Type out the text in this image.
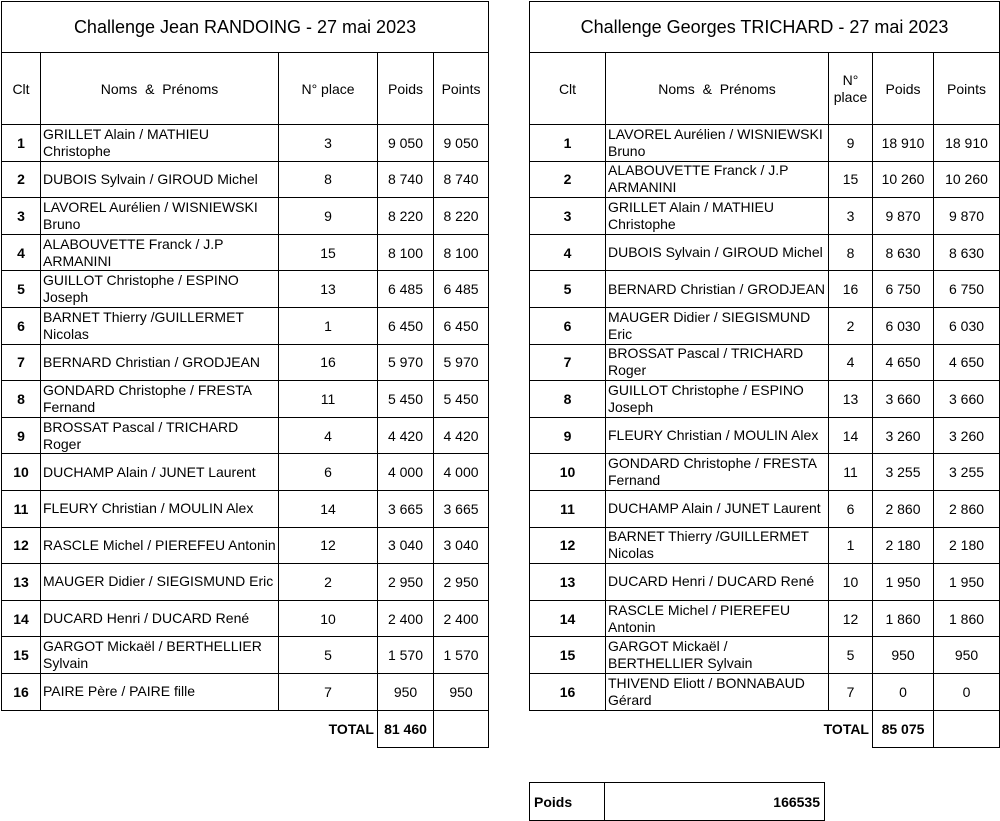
Challenge Jean RANDOING - 27 mai 2023				
Clt	Noms  &  Prénoms	N° place	Poids	Points
1	GRILLET Alain / MATHIEU Christophe	3	9 050	9 050
2	DUBOIS Sylvain / GIROUD Michel	8	8 740	8 740
3	LAVOREL Aurélien / WISNIEWSKI Bruno	9	8 220	8 220
4	ALABOUVETTE Franck / J.P ARMANINI	15	8 100	8 100
5	GUILLOT Christophe / ESPINO Joseph	13	6 485	6 485
6	BARNET Thierry /GUILLERMET Nicolas	1	6 450	6 450
7	BERNARD Christian / GRODJEAN	16	5 970	5 970
8	GONDARD Christophe / FRESTA Fernand	11	5 450	5 450
9	BROSSAT Pascal / TRICHARD Roger	4	4 420	4 420
10	DUCHAMP Alain / JUNET Laurent	6	4 000	4 000
11	FLEURY Christian / MOULIN Alex	14	3 665	3 665
12	RASCLE Michel / PIEREFEU Antonin	12	3 040	3 040
13	MAUGER Didier / SIEGISMUND Eric	2	2 950	2 950
14	DUCARD Henri / DUCARD René	10	2 400	2 400
15	GARGOT Mickaël / BERTHELLIER Sylvain	5	1 570	1 570
16	PAIRE Père / PAIRE fille	7	950	950
		TOTAL	81 460	
Challenge Georges TRICHARD - 27 mai 2023				
Clt	Noms  &  Prénoms	N° place	Poids	Points
1	LAVOREL Aurélien / WISNIEWSKI Bruno	9	18 910	18 910
2	ALABOUVETTE Franck / J.P ARMANINI	15	10 260	10 260
3	GRILLET Alain / MATHIEU Christophe	3	9 870	9 870
4	DUBOIS Sylvain / GIROUD Michel	8	8 630	8 630
5	BERNARD Christian / GRODJEAN	16	6 750	6 750
6	MAUGER Didier / SIEGISMUND Eric	2	6 030	6 030
7	BROSSAT Pascal / TRICHARD Roger	4	4 650	4 650
8	GUILLOT Christophe / ESPINO Joseph	13	3 660	3 660
9	FLEURY Christian / MOULIN Alex	14	3 260	3 260
10	GONDARD Christophe / FRESTA Fernand	11	3 255	3 255
11	DUCHAMP Alain / JUNET Laurent	6	2 860	2 860
12	BARNET Thierry /GUILLERMET Nicolas	1	2 180	2 180
13	DUCARD Henri / DUCARD René	10	1 950	1 950
14	RASCLE Michel / PIEREFEU Antonin	12	1 860	1 860
15	GARGOT Mickaël / BERTHELLIER Sylvain	5	950	950
16	THIVEND Eliott / BONNABAUD Gérard	7	0	0
	TOTAL		85 075	
Poids	166535
